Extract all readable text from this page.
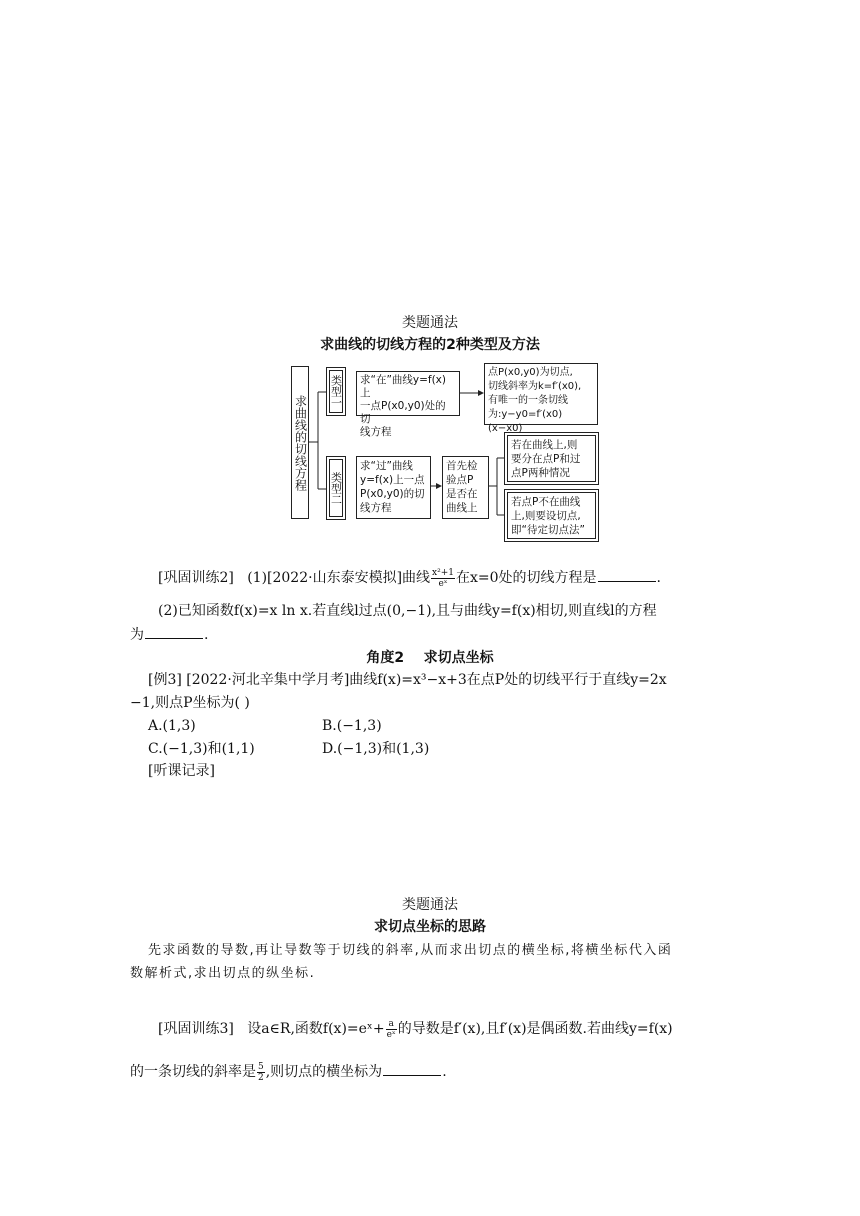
类题通法
求曲线的切线方程的2种类型及方法
求曲线的切线方程
类型一 求“在”曲线y=f(x)上
一点P(x0,y0)处的切
线方程
点P(x0,y0)为切点,
切线斜率为k=f′(x0),
有唯一的一条切线
为:y−y0=f′(x0)(x−x0)
类型二
求“过”曲线
y=f(x)上一点
P(x0,y0)的切
线方程
首先检
验点P
是否在
曲线上
若在曲线上,则
要分在点P和过
点P两种情况
若点P不在曲线
上,则要设切点,
即“待定切点法”
[巩固训练2] (1)[2022·山东泰安模拟]曲线 $\frac{\text{x²+1}}{\text{eˣ}}$ 在x=0处的切线方程是	.
(2)已知函数f(x)=x ln x.若直线l过点(0,−1),且与曲线y=f(x)相切,则直线l的方程
为	.
角度2 求切点坐标
[例3] [2022·河北辛集中学月考]曲线f(x)=x³−x+3在点P处的切线平行于直线y=2x
−1,则点P坐标为( )
A.(1,3)	B.(−1,3)
C.(−1,3)和(1,1)	D.(−1,3)和(1,3)
[听课记录]
类题通法
求切点坐标的思路
先求函数的导数,再让导数等于切线的斜率,从而求出切点的横坐标,将横坐标代入函
数解析式,求出切点的纵坐标.
[巩固训练3] 设a∈R,函数f(x)=eˣ+ $\frac{a}{\text{eˣ}}$ 的导数是f′(x),且f′(x)是偶函数.若曲线y=f(x)
的一条切线的斜率是 $\frac{5}{2}$ ,则切点的横坐标为	.
